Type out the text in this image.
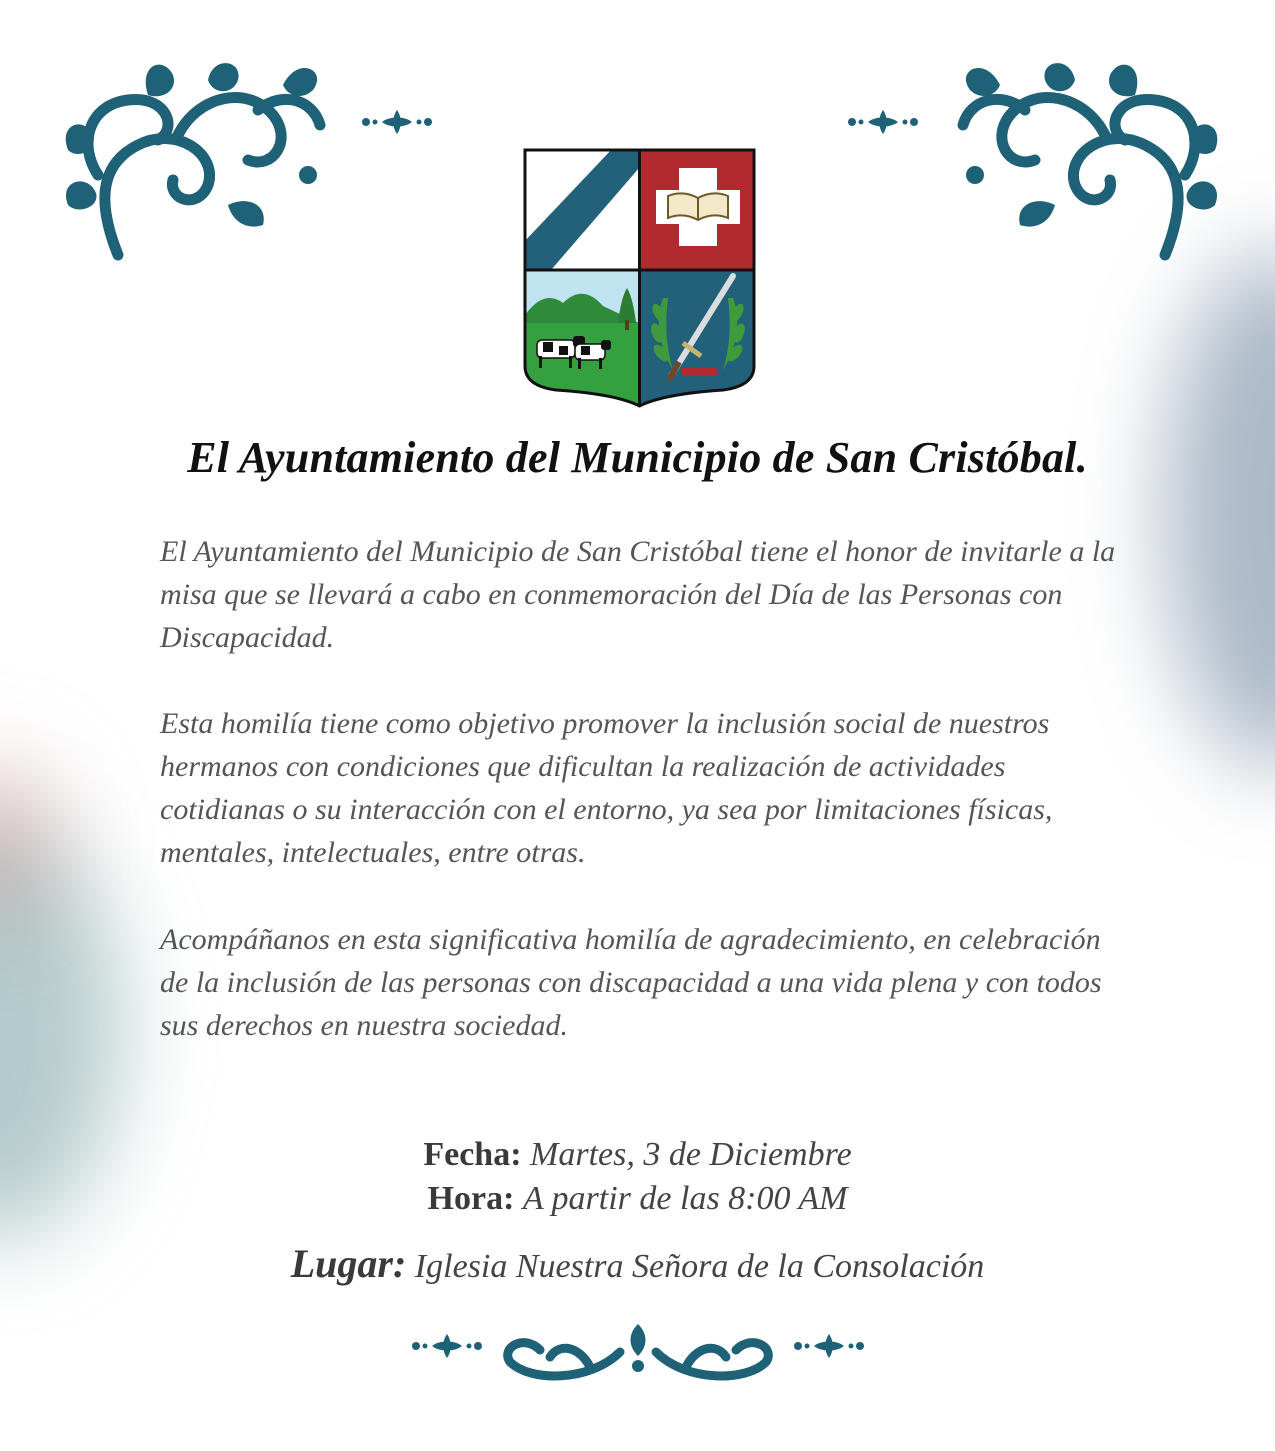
El Ayuntamiento del Municipio de San Cristóbal.

El Ayuntamiento del Municipio de San Cristóbal tiene el honor de invitarle a la misa que se llevará a cabo en conmemoración del Día de las Personas con Discapacidad.

Esta homilía tiene como objetivo promover la inclusión social de nuestros hermanos con condiciones que dificultan la realización de actividades cotidianas o su interacción con el entorno, ya sea por limitaciones físicas, mentales, intelectuales, entre otras.

Acompáñanos en esta significativa homilía de agradecimiento, en celebración de la inclusión de las personas con discapacidad a una vida plena y con todos sus derechos en nuestra sociedad.

Fecha: Martes, 3 de Diciembre
Hora: A partir de las 8:00 AM
Lugar: Iglesia Nuestra Señora de la Consolación
